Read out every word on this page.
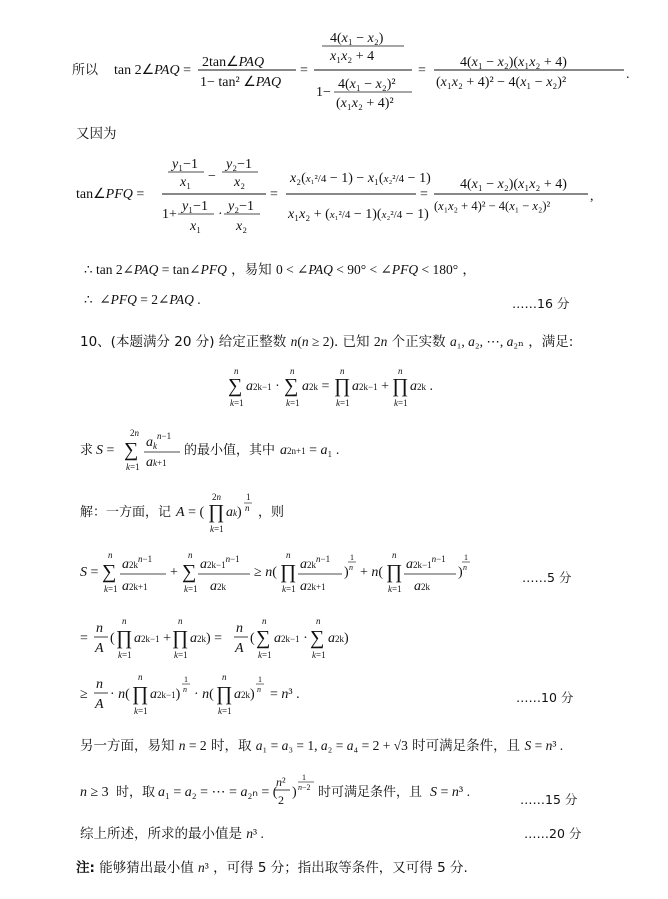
所以 tan 2∠PAQ =
2tan∠PAQ
1− tan² ∠PAQ
=
4(x₁ − x₂)
x₁x₂ + 4
1−
4(x₁ − x₂)²
(x₁x₂ + 4)²
=
4(x₁ − x₂)(x₁x₂ + 4)
(x₁x₂ + 4)² − 4(x₁ − x₂)²
.
又因为
tan∠PFQ =
y₁−1
x₁ −
y₂−1
x₂
1+
y₁−1
x₁
·
y₂−1
x₂
=
x₂(x₁²/4 − 1) − x₁(x₂²/4 − 1)
x₁x₂ + (x₁²/4 − 1)(x₂²/4 − 1)
=
4(x₁ − x₂)(x₁x₂ + 4)
(x₁x₂ + 4)² − 4(x₁ − x₂)²
,
∴ tan 2∠PAQ = tan∠PFQ ，易知 0 < ∠PAQ < 90° < ∠PFQ < 180° ，
∴  ∠PFQ = 2∠PAQ .	……16 分
10、(本题满分 20 分) 给定正整数 n(n ≥ 2). 已知 2n 个正实数 a₁, a₂, ⋯, a₂ₙ ，满足:
n
∑
k=1
a2k−1 ·
n
∑
k=1
a2k =
n
∏
k=1
a2k−1 +
n
∏
k=1
a2k .
求 S =
2n
∑
k=1
$a_k^{n-1}$
ak+1
的最小值，其中 a2n+1 = a₁ .
解：一方面，记 A = (
2n
∏
k=1
ak)
1
n ，则
S =
n
∑
k=1
$a2k^{n-1}$
a2k+1
+
n
∑
k=1
$a2k-1^{n-1}$
a2k
≥ n(
n
∏
k=1
$a2k^{n-1}$
a2k+1
)
1
n + n(
n
∏
k=1
$a2k-1^{n-1}$
a2k
)
1
n
……5 分
=
n
A
(
n
∏
k=1
a2k−1 +
n
∏
k=1
a2k) =
n
A
(
n
∑
k=1
a2k−1 ·
n
∑
k=1
a2k)
≥
n
A
· n(
n
∏
k=1
a2k−1)
1
n · n(
n
∏
k=1
a2k)
1
n = n³ .	……10 分
另一方面，易知 n = 2 时，取 a₁ = a₃ = 1, a₂ = a₄ = 2 + √3 时可满足条件，且 S = n³ .
n ≥ 3 时，取 a₁ = a₂ = ⋯ = a₂ₙ = (
n²
2 )
1
n−2 时可满足条件，且 S = n³ .	……15 分
综上所述，所求的最小值是 n³ .	……20 分
注: 能够猜出最小值 n³ ，可得 5 分；指出取等条件，又可得 5 分.
